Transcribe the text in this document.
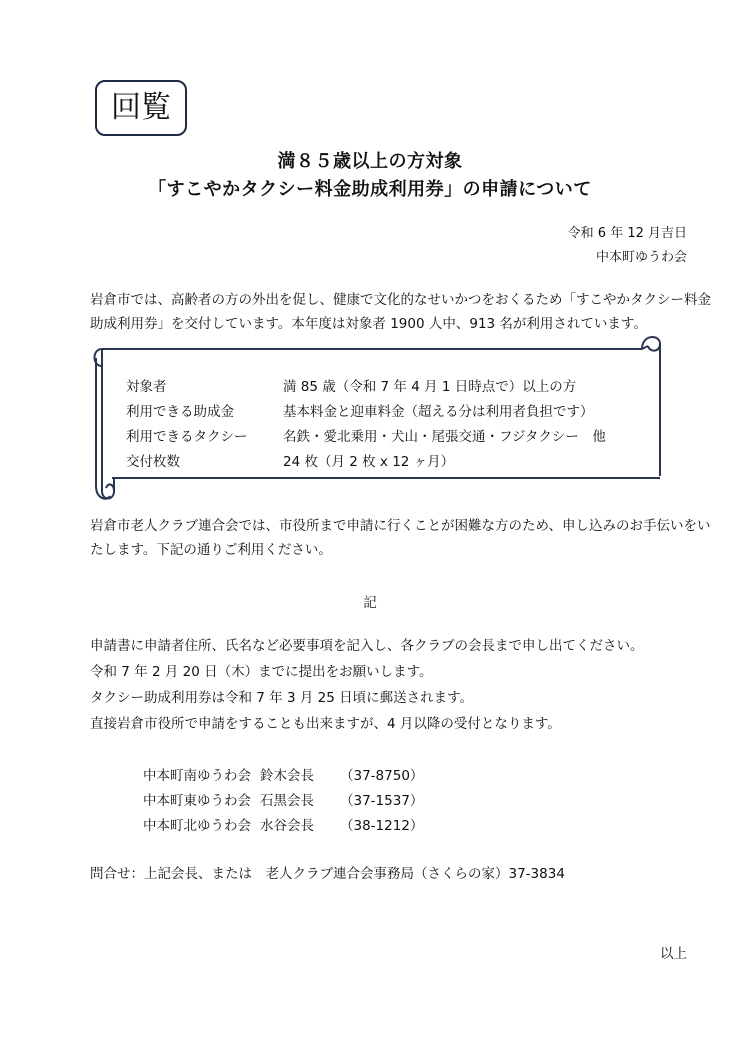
回覧
満８５歳以上の方対象
「すこやかタクシー料金助成利用券」の申請について
令和 6 年 12 月吉日
中本町ゆうわ会
岩倉市では、高齢者の方の外出を促し、健康で文化的なせいかつをおくるため「すこやかタクシー料金
助成利用券」を交付しています。本年度は対象者 1900 人中、913 名が利用されています。
対象者	満 85 歳（令和 7 年 4 月 1 日時点で）以上の方
利用できる助成金	基本料金と迎車料金（超える分は利用者負担です）
利用できるタクシー	名鉄・愛北乗用・犬山・尾張交通・フジタクシー　他
交付枚数	24 枚（月 2 枚 x 12 ヶ月）
岩倉市老人クラブ連合会では、市役所まで申請に行くことが困難な方のため、申し込みのお手伝いをい
たします。下記の通りご利用ください。
記
申請書に申請者住所、氏名など必要事項を記入し、各クラブの会長まで申し出てください。
令和 7 年 2 月 20 日（木）までに提出をお願いします。
タクシー助成利用券は令和 7 年 3 月 25 日頃に郵送されます。
直接岩倉市役所で申請をすることも出来ますが、4 月以降の受付となります。
中本町南ゆうわ会 鈴木会長 （37-8750）
中本町東ゆうわ会 石黒会長 （37-1537）
中本町北ゆうわ会 水谷会長 （38-1212）
問合せ：上記会長、または　老人クラブ連合会事務局（さくらの家）37-3834
以上
